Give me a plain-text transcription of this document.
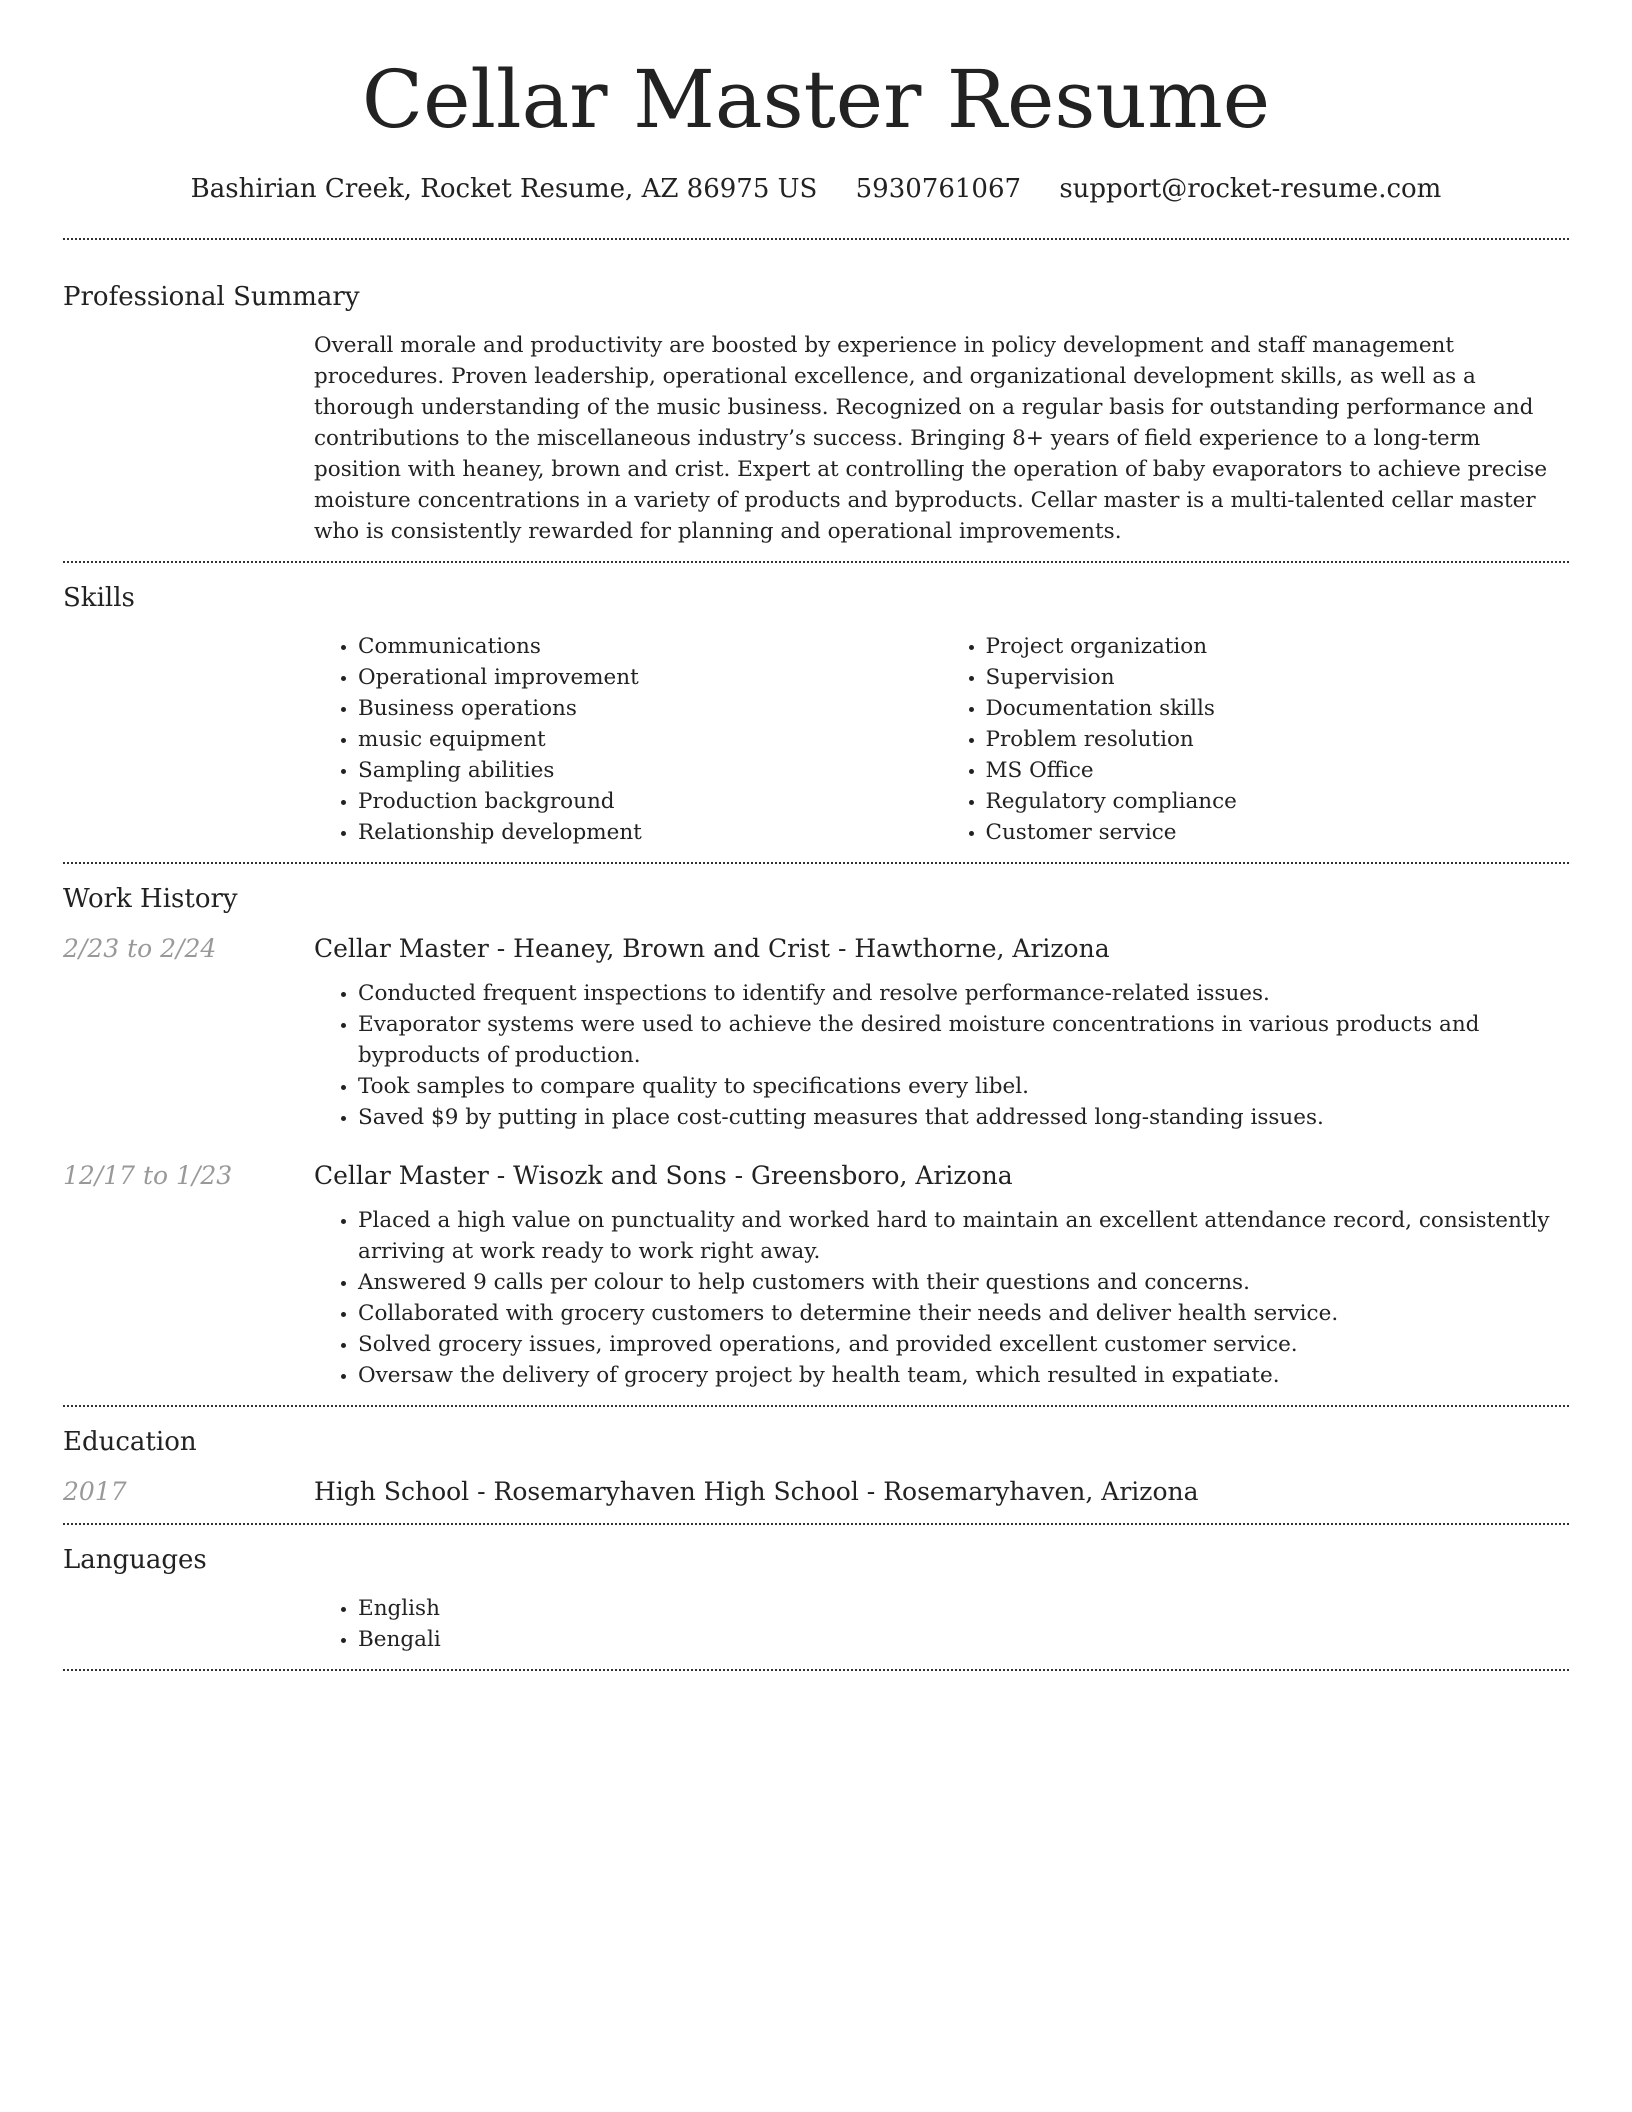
Cellar Master Resume
Bashirian Creek, Rocket Resume, AZ 86975 US 5930761067 support@rocket-resume.com
Professional Summary

Overall morale and productivity are boosted by experience in policy development and staff management procedures. Proven leadership, operational excellence, and organizational development skills, as well as a thorough understanding of the music business. Recognized on a regular basis for outstanding performance and contributions to the miscellaneous industry’s success. Bringing 8+ years of field experience to a long-term position with heaney, brown and crist. Expert at controlling the operation of baby evaporators to achieve precise moisture concentrations in a variety of products and byproducts. Cellar master is a multi-talented cellar master who is consistently rewarded for planning and operational improvements.

Skills
• Communications
• Operational improvement
• Business operations
• music equipment
• Sampling abilities
• Production background
• Relationship development
• Project organization
• Supervision
• Documentation skills
• Problem resolution
• MS Office
• Regulatory compliance
• Customer service
Work History
2/23 to 2/24	Cellar Master - Heaney, Brown and Crist - Hawthorne, Arizona
• Conducted frequent inspections to identify and resolve performance-related issues.
• Evaporator systems were used to achieve the desired moisture concentrations in various products and byproducts of production.
• Took samples to compare quality to specifications every libel.
• Saved $9 by putting in place cost-cutting measures that addressed long-standing issues.
12/17 to 1/23	Cellar Master - Wisozk and Sons - Greensboro, Arizona
• Placed a high value on punctuality and worked hard to maintain an excellent attendance record, consistently arriving at work ready to work right away.
• Answered 9 calls per colour to help customers with their questions and concerns.
• Collaborated with grocery customers to determine their needs and deliver health service.
• Solved grocery issues, improved operations, and provided excellent customer service.
• Oversaw the delivery of grocery project by health team, which resulted in expatiate.
Education
2017	High School - Rosemaryhaven High School - Rosemaryhaven, Arizona
Languages
• English
• Bengali
